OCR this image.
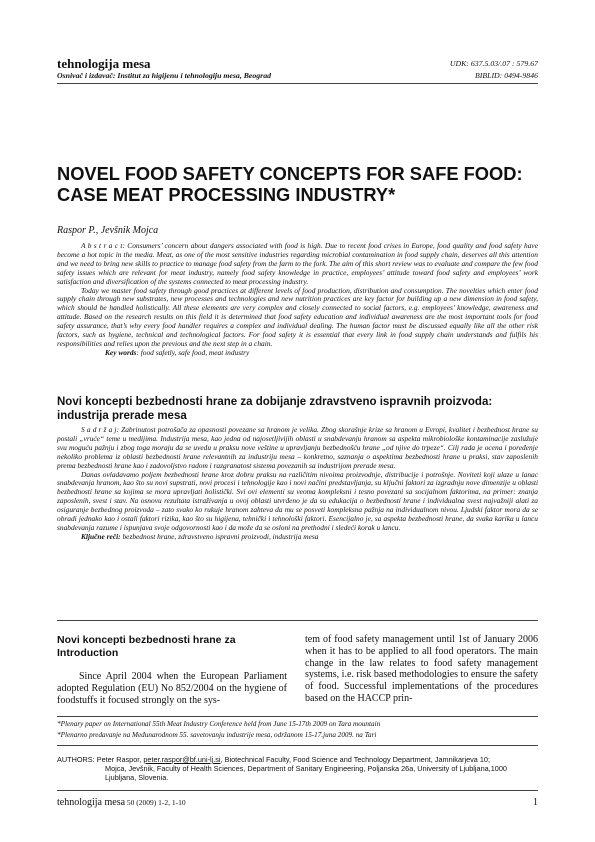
tehnologija mesa
Osnivač i izdavač: Institut za higijenu i tehnologiju mesa, Beograd
UDK: 637.5.03/.07 : 579.67
BIBLID: 0494-9846
NOVEL FOOD SAFETY CONCEPTS FOR SAFE FOOD: CASE MEAT PROCESSING INDUSTRY*
Raspor P., Jevšnik Mojca

A b s t r a c t: Consumers’ concern about dangers associated with food is high. Due to recent food crises in Europe, food quality and food safety have become a hot topic in the media. Meat, as one of the most sensitive industries regarding microbial contamination in food supply chain, deserves all this attention and we need to bring new skills to practice to manage food safety from the farm to the fork. The aim of this short review was to evaluate and compare the few food safety issues which are relevant for meat industry, namely food safety knowledge in practice, employees’ attitude toward food safety and employees’ work satisfaction and diversification of the systems connected to meat processing industry.

Today we master food safety through good practices at different levels of food production, distribution and consumption. The novelties which enter food supply chain through new substrates, new processes and technologies and new nutrition practices are key factor for building up a new dimension in food safety, which should be handled holistically. All these elements are very complex and closely connected to social factors, e.g. employees’ knowledge, awareness and attitude. Based on the research results on this field it is determined that food safety education and individual awareness are the most important tools for food safety assurance, that’s why every food handler requires a complex and individual dealing. The human factor must be discussed equally like all the other risk factors, such as hygiene, technical and technological factors. For food safety it is essential that every link in food supply chain understands and fulfils his responsibilities and relies upon the previous and the next step in a chain.

Key words: food safetly, safe food, meat industry

Novi koncepti bezbednosti hrane za dobijanje zdravstveno ispravnih proizvoda: industrija prerade mesa

S a d r ž a j: Zabrinutost potrošača za opasnosti povezane sa hranom je velika. Zbog skorašnje krize sa hranom u Evropi, kvalitet i bezbednost hrane su postali „vruće“ teme u medijima. Industrija mesa, kao jedna od najosetljivijih oblasti u snabdevanju hranom sa aspekta mikrobiološke kontaminacije zaslužuje svu moguću pažnju i zbog toga moraju da se uvedu u praksu nove veštine u upravljanju bezbednošću hrane „od njive do trpeze“. Cilj rada je ocena i poređenje nekoliko problema iz oblasti bezbednosti hrane relevantnih za industriju mesa – konkretno, saznanja o aspektima bezbednosti hrane u praksi, stav zaposlenih prema bezbednosti hrane kao i zadovoljstvo radom i razgranatost sistema povezanih sa industrijom prerade mesa.

Danas ovladavamo poljem bezbednosti hrane kroz dobru praksu na različitim nivoima proizvodnje, distribucije i potrošnje. Noviteti koji ulaze u lanac snabdevanja hranom, kao što su novi supstrati, novi procesi i tehnologije kao i novi načini predstavljanja, su ključni faktori za izgradnju nove dimenzije u oblasti bezbednosti hrane sa kojima se mora upravljati holistički. Svi ovi elementi su veoma kompleksni i tesno povezani sa socijalnom faktorima, na primer: znanja zaposlenih, svest i stav. Na osnovu rezultata istraživanja u ovoj oblasti utvrđeno je da su edukacija o bezbednosti hrane i individualna svest najvažniji alati za osiguranje bezbednog proizvoda – zato svako ko rukuje hranom zahteva da mu se posveti kompleksna pažnja na individualnom nivou. Ljudski faktor mora da se obradi jednako kao i ostali faktori rizika, kao što su higijena, tehnički i tehnološki faktori. Esencijalno je, sa aspekta bezbednosti hrane, da svaka karika u lancu snabdevanja razume i ispunjava svoje odgovornosti kao i da može da se osloni na prethodni i sledeći korak u lancu.

Ključne reči: bezbednost hrane, zdravstveno ispravni proizvodi, industrija mesa

Novi koncepti bezbednosti hrane za Introduction

Since April 2004 when the European Parliament adopted Regulation (EU) No 852/2004 on the hygiene of foodstuffs it focused strongly on the sys-

tem of food safety management until 1st of January 2006 when it has to be applied to all food operators. The main change in the law relates to food safety management systems, i.e. risk based methodologies to ensure the safety of food. Successful implementations of the procedures based on the HACCP prin-

*Plenary paper on International 55th Meat Industry Conference held from June 15-17th 2009 on Tara mountain
*Plenarno predavanje na Međunarodnom 55. savetovanju industrije mesa, održanom 15-17.juna 2009. na Tari
AUTHORS: Peter Raspor, peter.raspor@bf.uni-lj.si, Biotechnical Faculty, Food Science and Technology Department, Jamnikarjeva 10;
Mojca, Jevšnik, Faculty of Health Sciences, Department of Sanitary Engineering, Poljanska 26a, University of Ljubljana,1000 Ljubljana, Slovenia.
tehnologija mesa 50 (2009) 1-2, 1-10	1
